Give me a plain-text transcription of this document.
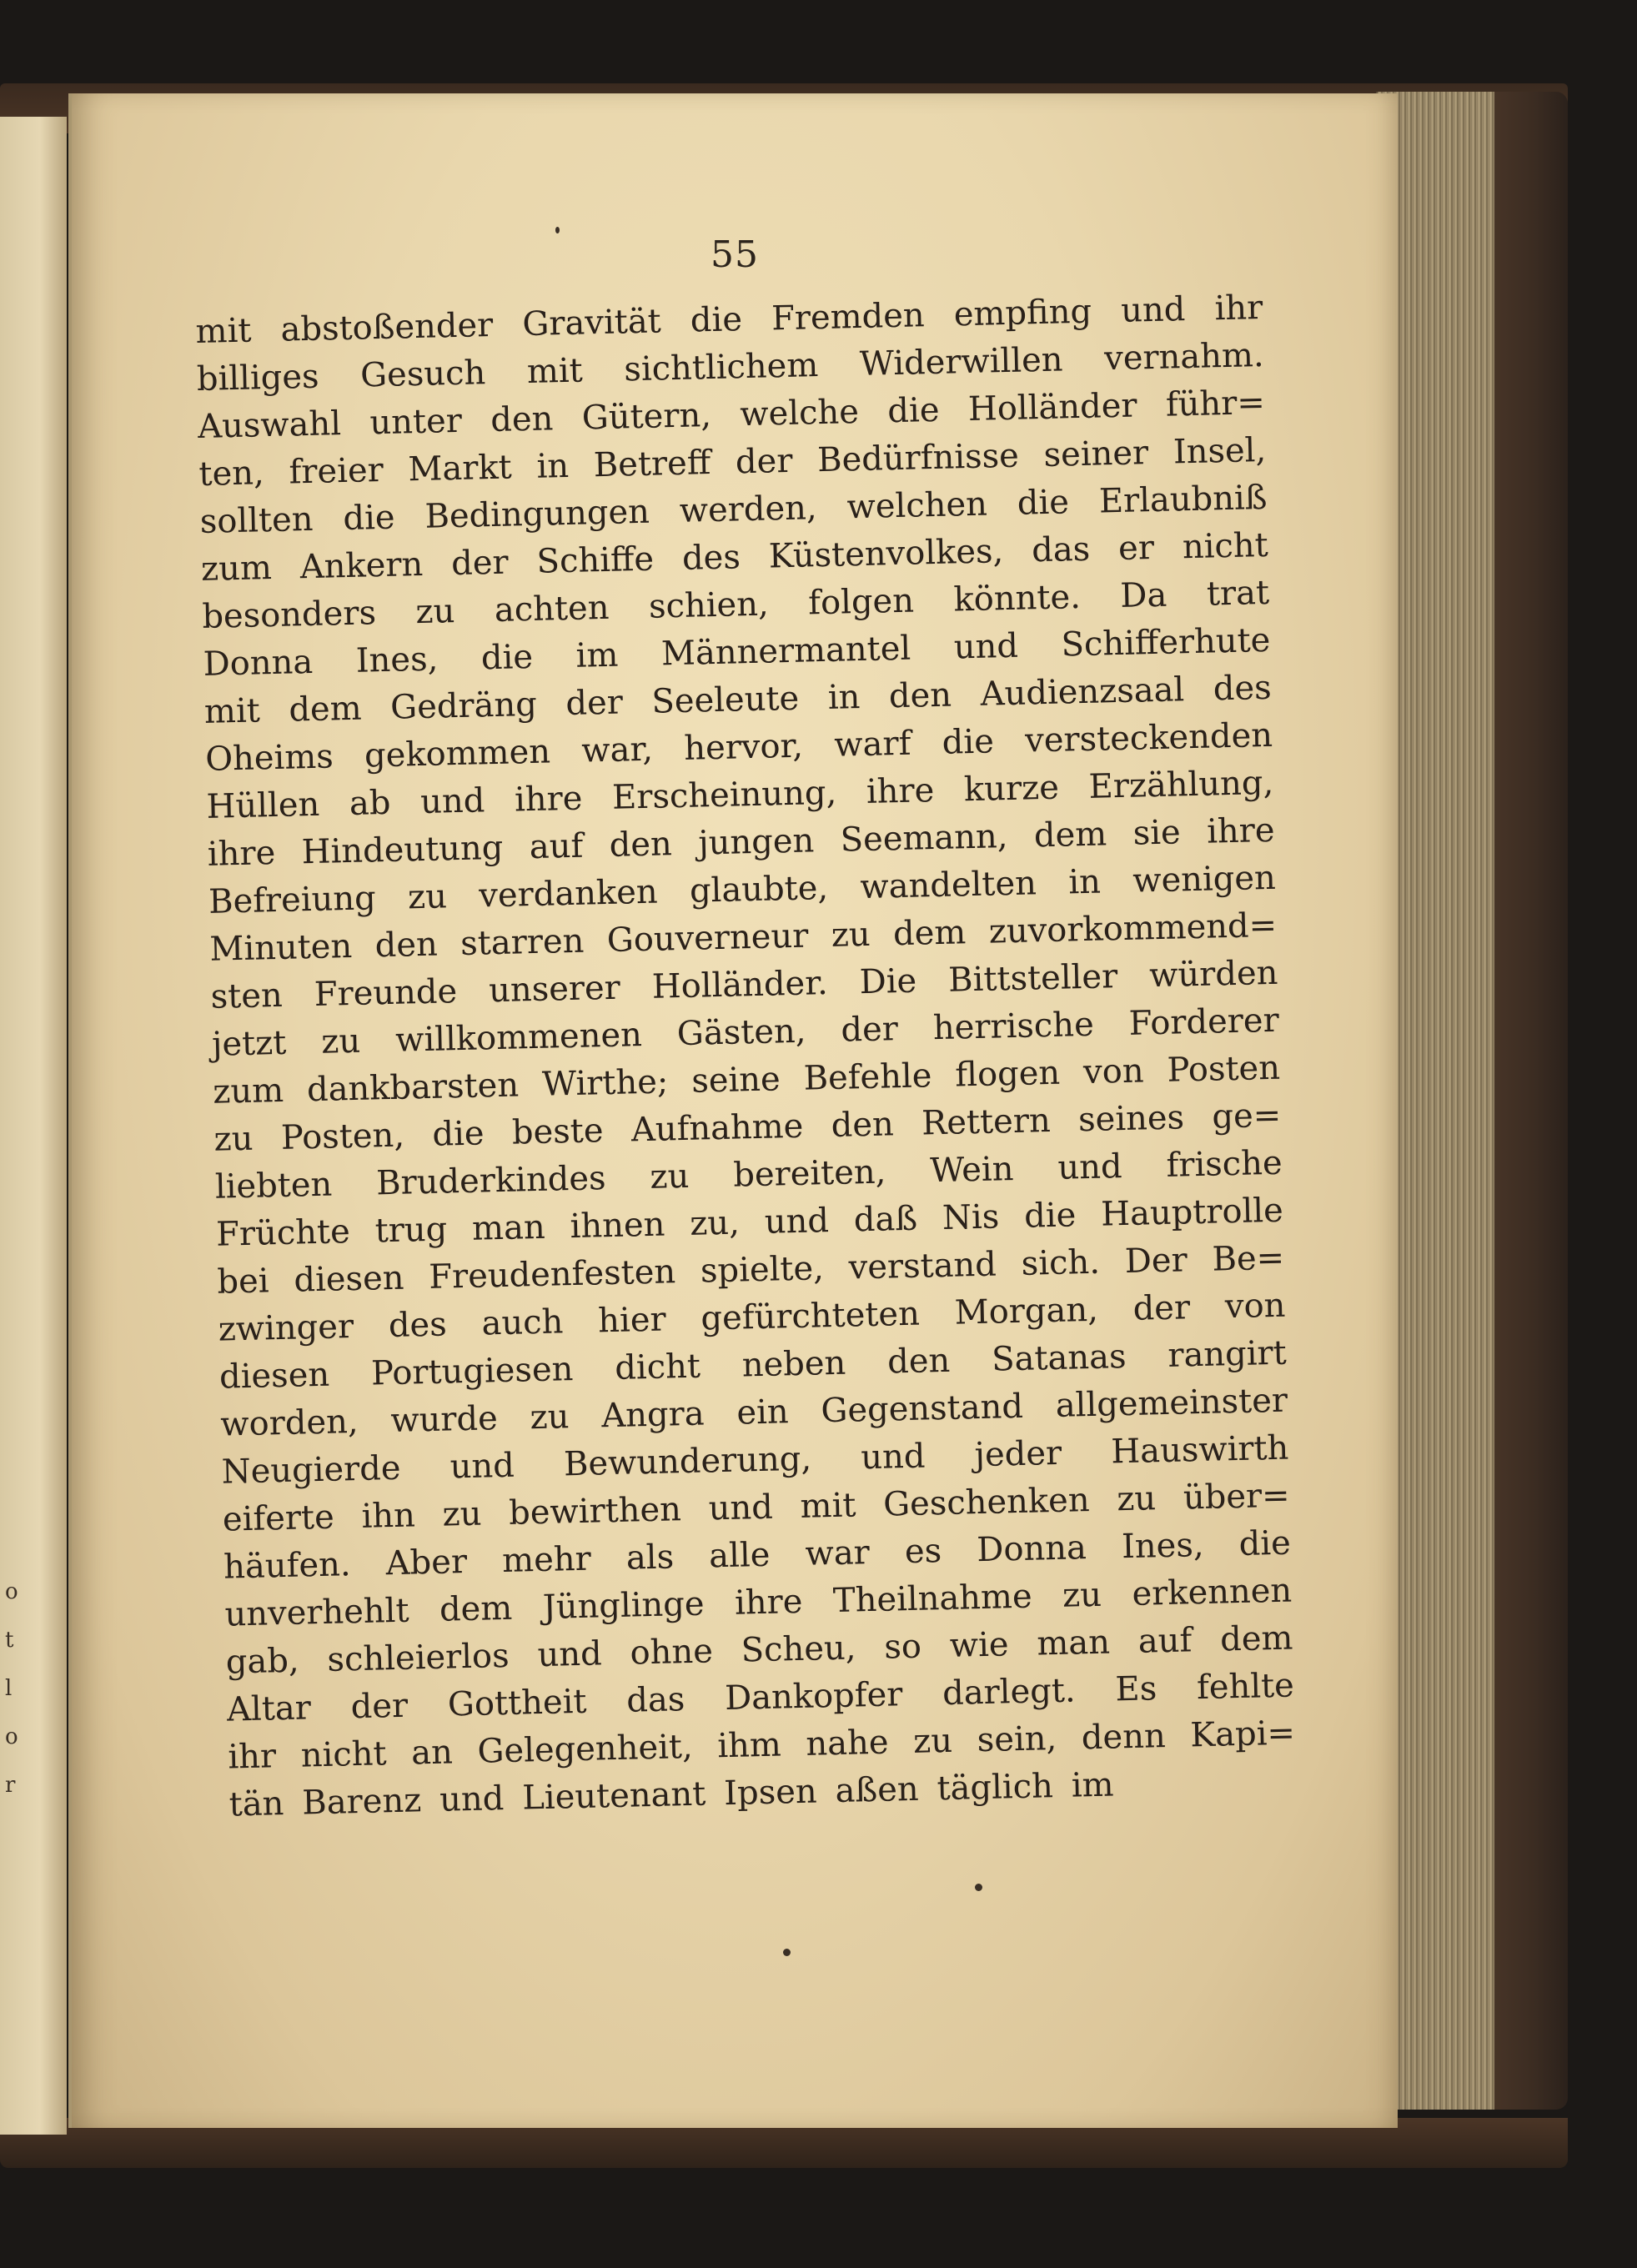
o
t
l
o
r
55
mit abstoßender Gravität die Fremden empfing und ihr
billiges Gesuch mit sichtlichem Widerwillen vernahm.
Auswahl unter den Gütern, welche die Holländer führ=
ten, freier Markt in Betreff der Bedürfnisse seiner Insel,
sollten die Bedingungen werden, welchen die Erlaubniß
zum Ankern der Schiffe des Küstenvolkes, das er nicht
besonders zu achten schien, folgen könnte. Da trat
Donna Ines, die im Männermantel und Schifferhute
mit dem Gedräng der Seeleute in den Audienzsaal des
Oheims gekommen war, hervor, warf die versteckenden
Hüllen ab und ihre Erscheinung, ihre kurze Erzählung,
ihre Hindeutung auf den jungen Seemann, dem sie ihre
Befreiung zu verdanken glaubte, wandelten in wenigen
Minuten den starren Gouverneur zu dem zuvorkommend=
sten Freunde unserer Holländer. Die Bittsteller würden
jetzt zu willkommenen Gästen, der herrische Forderer
zum dankbarsten Wirthe; seine Befehle flogen von Posten
zu Posten, die beste Aufnahme den Rettern seines ge=
liebten Bruderkindes zu bereiten, Wein und frische
Früchte trug man ihnen zu, und daß Nis die Hauptrolle
bei diesen Freudenfesten spielte, verstand sich. Der Be=
zwinger des auch hier gefürchteten Morgan, der von
diesen Portugiesen dicht neben den Satanas rangirt
worden, wurde zu Angra ein Gegenstand allgemeinster
Neugierde und Bewunderung, und jeder Hauswirth
eiferte ihn zu bewirthen und mit Geschenken zu über=
häufen. Aber mehr als alle war es Donna Ines, die
unverhehlt dem Jünglinge ihre Theilnahme zu erkennen
gab, schleierlos und ohne Scheu, so wie man auf dem
Altar der Gottheit das Dankopfer darlegt. Es fehlte
ihr nicht an Gelegenheit, ihm nahe zu sein, denn Kapi=
tän Barenz und Lieutenant Ipsen aßen täglich im
